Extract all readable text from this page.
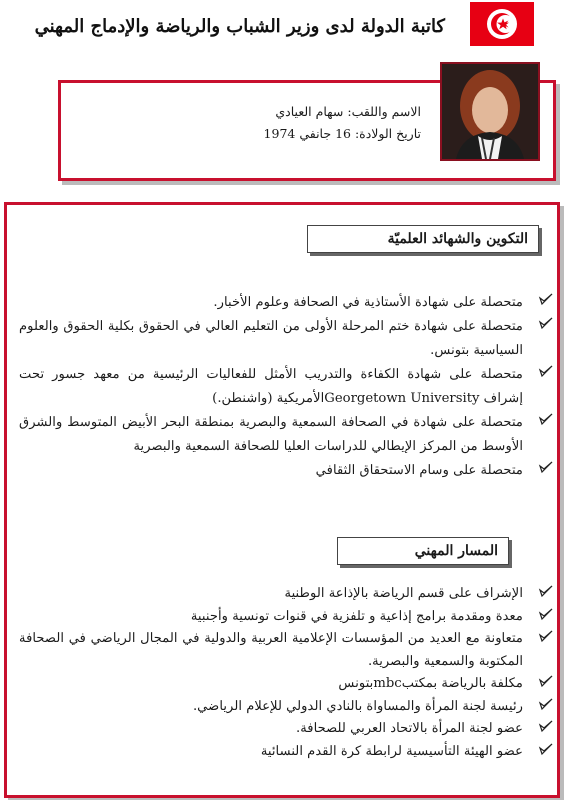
كاتبة الدولة لدى وزير الشباب والرياضة والإدماج المهني
الاسم واللقب: سهام العيادي
تاريخ الولادة: 16 جانفي 1974
التكوين والشهائد العلميّة
متحصلة على شهادة الأستاذية في الصحافة وعلوم الأخبار.
متحصلة على شهادة ختم المرحلة الأولى من التعليم العالي في الحقوق بكلية الحقوق والعلوم السياسية بتونس.
متحصلة على شهادة الكفاءة والتدريب الأمثل للفعاليات الرئيسية من معهد جسور تحت إشراف Georgetown Universityالأمريكية (واشنطن.)
متحصلة على شهادة في الصحافة السمعية والبصرية بمنطقة البحر الأبيض المتوسط والشرق الأوسط من المركز الإيطالي للدراسات العليا للصحافة السمعية والبصرية
متحصلة على وسام الاستحقاق الثقافي
المسار المهني
الإشراف على قسم الرياضة بالإذاعة الوطنية
معدة ومقدمة برامج إذاعية و تلفزية في قنوات تونسية وأجنبية
متعاونة مع العديد من المؤسسات الإعلامية العربية والدولية في المجال الرياضي في الصحافة المكتوبة والسمعية والبصرية.
مكلفة بالرياضة بمكتبmbcبتونس
رئيسة لجنة المرأة والمساواة بالنادي الدولي للإعلام الرياضي.
عضو لجنة المرأة بالاتحاد العربي للصحافة.
عضو الهيئة التأسيسية لرابطة كرة القدم النسائية
